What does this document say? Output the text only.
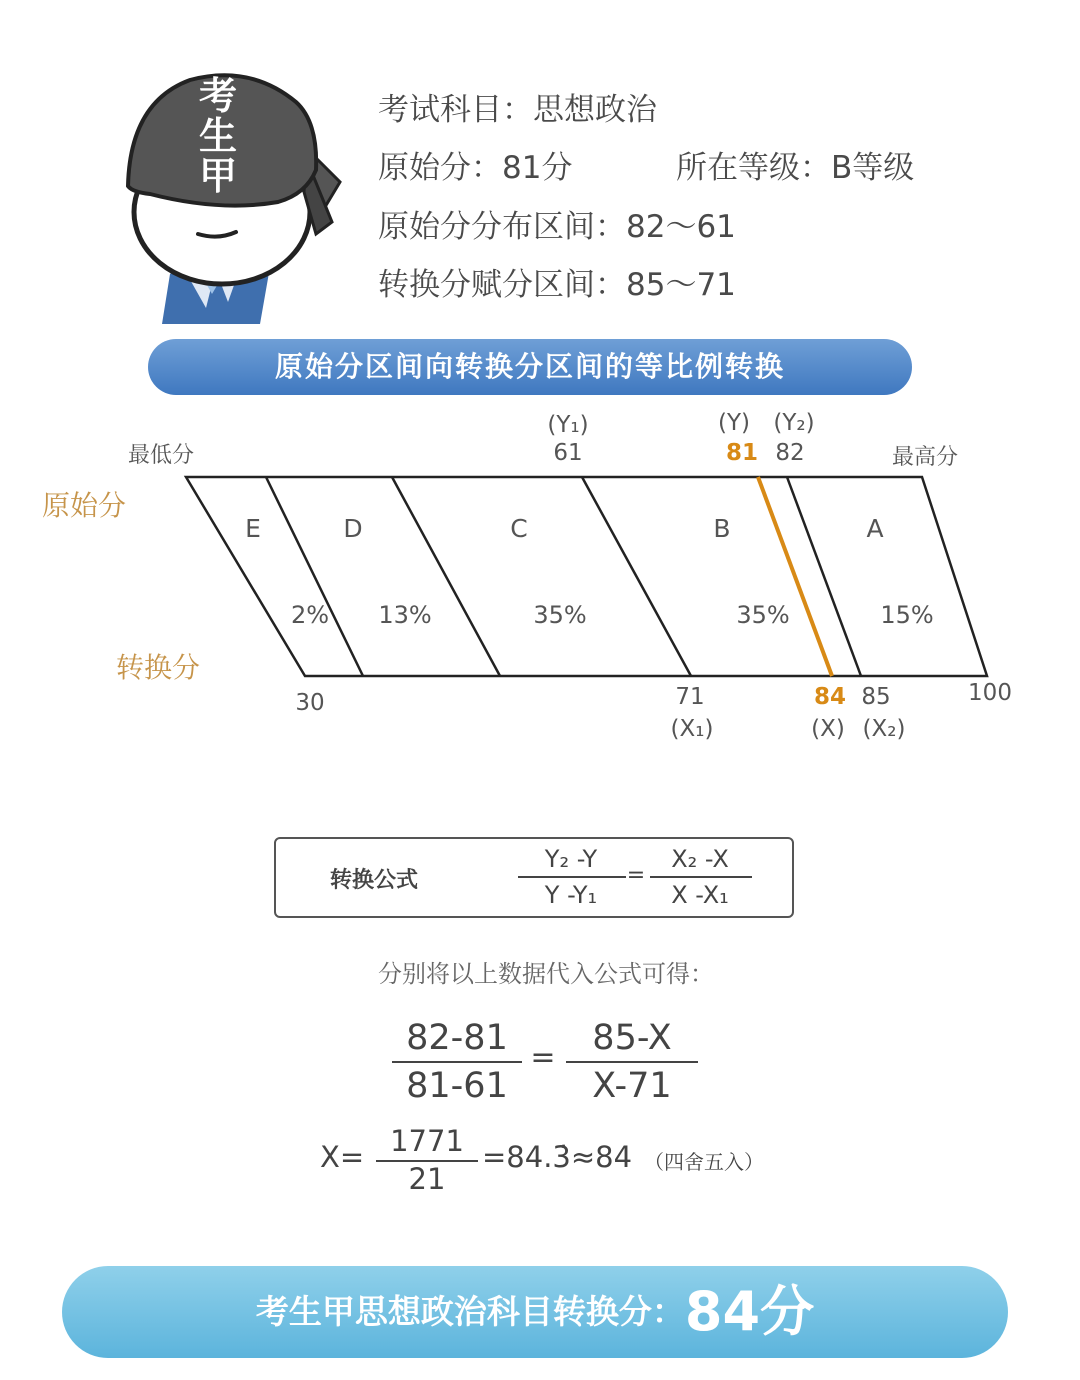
考
生
甲
考试科目：思想政治
原始分：81分	所在等级：B等级
原始分分布区间：82～61
转换分赋分区间：85～71
原始分区间向转换分区间的等比例转换
最低分	最高分
原始分
转换分
(Y₁)
61
(Y)
81
(Y₂)
82
E	D	C	B	A
2% 13%	35%	35%	15%
30	71
(X₁)
84
(X)
85
(X₂)
100
转换公式
Y₂ -Y
Y -Y₁
=
X₂ -X
X -X₁
分别将以上数据代入公式可得：
82-81
81-61
=	85-X
X-71
X= 1771
21
=84.3̇≈84 （四舍五入）
考生甲思想政治科目转换分：84分
